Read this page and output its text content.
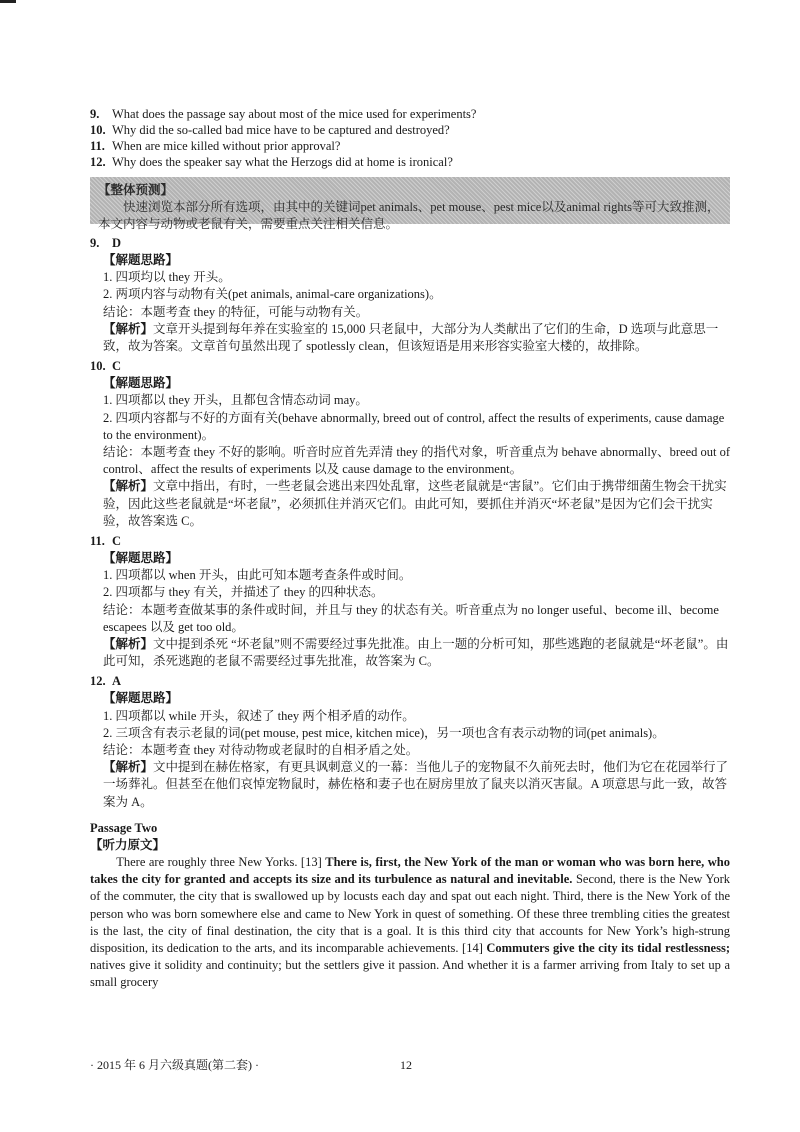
9. What does the passage say about most of the mice used for experiments?

10. Why did the so-called bad mice have to be captured and destroyed?

11. When are mice killed without prior approval?

12. Why does the speaker say what the Herzogs did at home is ironical?

【整体预测】

快速浏览本部分所有选项，由其中的关键词pet animals、pet mouse、pest mice以及animal rights等可大致推测，本文内容与动物或老鼠有关，需要重点关注相关信息。

9. D

【解题思路】

1. 四项均以 they 开头。

2. 两项内容与动物有关(pet animals, animal-care organizations)。

结论：本题考查 they 的特征，可能与动物有关。

【解析】文章开头提到每年养在实验室的 15,000 只老鼠中，大部分为人类献出了它们的生命，D 选项与此意思一致，故为答案。文章首句虽然出现了 spotlessly clean，但该短语是用来形容实验室大楼的，故排除。

10. C

【解题思路】

1. 四项都以 they 开头，且都包含情态动词 may。

2. 四项内容都与不好的方面有关(behave abnormally, breed out of control, affect the results of experiments, cause damage to the environment)。

结论：本题考查 they 不好的影响。听音时应首先弄清 they 的指代对象，听音重点为 behave abnormally、breed out of control、affect the results of experiments 以及 cause damage to the environment。

【解析】文章中指出，有时，一些老鼠会逃出来四处乱窜，这些老鼠就是“害鼠”。它们由于携带细菌生物会干扰实验，因此这些老鼠就是“坏老鼠”，必须抓住并消灭它们。由此可知，要抓住并消灭“坏老鼠”是因为它们会干扰实验，故答案选 C。

11. C

【解题思路】

1. 四项都以 when 开头，由此可知本题考查条件或时间。

2. 四项都与 they 有关，并描述了 they 的四种状态。

结论：本题考查做某事的条件或时间，并且与 they 的状态有关。听音重点为 no longer useful、become ill、become escapees 以及 get too old。

【解析】文中提到杀死 “坏老鼠”则不需要经过事先批准。由上一题的分析可知，那些逃跑的老鼠就是“坏老鼠”。由此可知，杀死逃跑的老鼠不需要经过事先批准，故答案为 C。

12. A

【解题思路】

1. 四项都以 while 开头，叙述了 they 两个相矛盾的动作。

2. 三项含有表示老鼠的词(pet mouse, pest mice, kitchen mice)，另一项也含有表示动物的词(pet animals)。

结论：本题考查 they 对待动物或老鼠时的自相矛盾之处。

【解析】文中提到在赫佐格家，有更具讽刺意义的一幕：当他儿子的宠物鼠不久前死去时，他们为它在花园举行了一场葬礼。但甚至在他们哀悼宠物鼠时，赫佐格和妻子也在厨房里放了鼠夹以消灭害鼠。A 项意思与此一致，故答案为 A。

Passage Two
【听力原文】

There are roughly three New Yorks. [13] There is, first, the New York of the man or woman who was born here, who takes the city for granted and accepts its size and its turbulence as natural and inevitable. Second, there is the New York of the commuter, the city that is swallowed up by locusts each day and spat out each night. Third, there is the New York of the person who was born somewhere else and came to New York in quest of something. Of these three trembling cities the greatest is the last, the city of final destination, the city that is a goal. It is this third city that accounts for New York’s high-strung disposition, its dedication to the arts, and its incomparable achievements. [14] Commuters give the city its tidal restlessness; natives give it solidity and continuity; but the settlers give it passion. And whether it is a farmer arriving from Italy to set up a small grocery

· 2015 年 6 月六级真题(第二套) ·	12
